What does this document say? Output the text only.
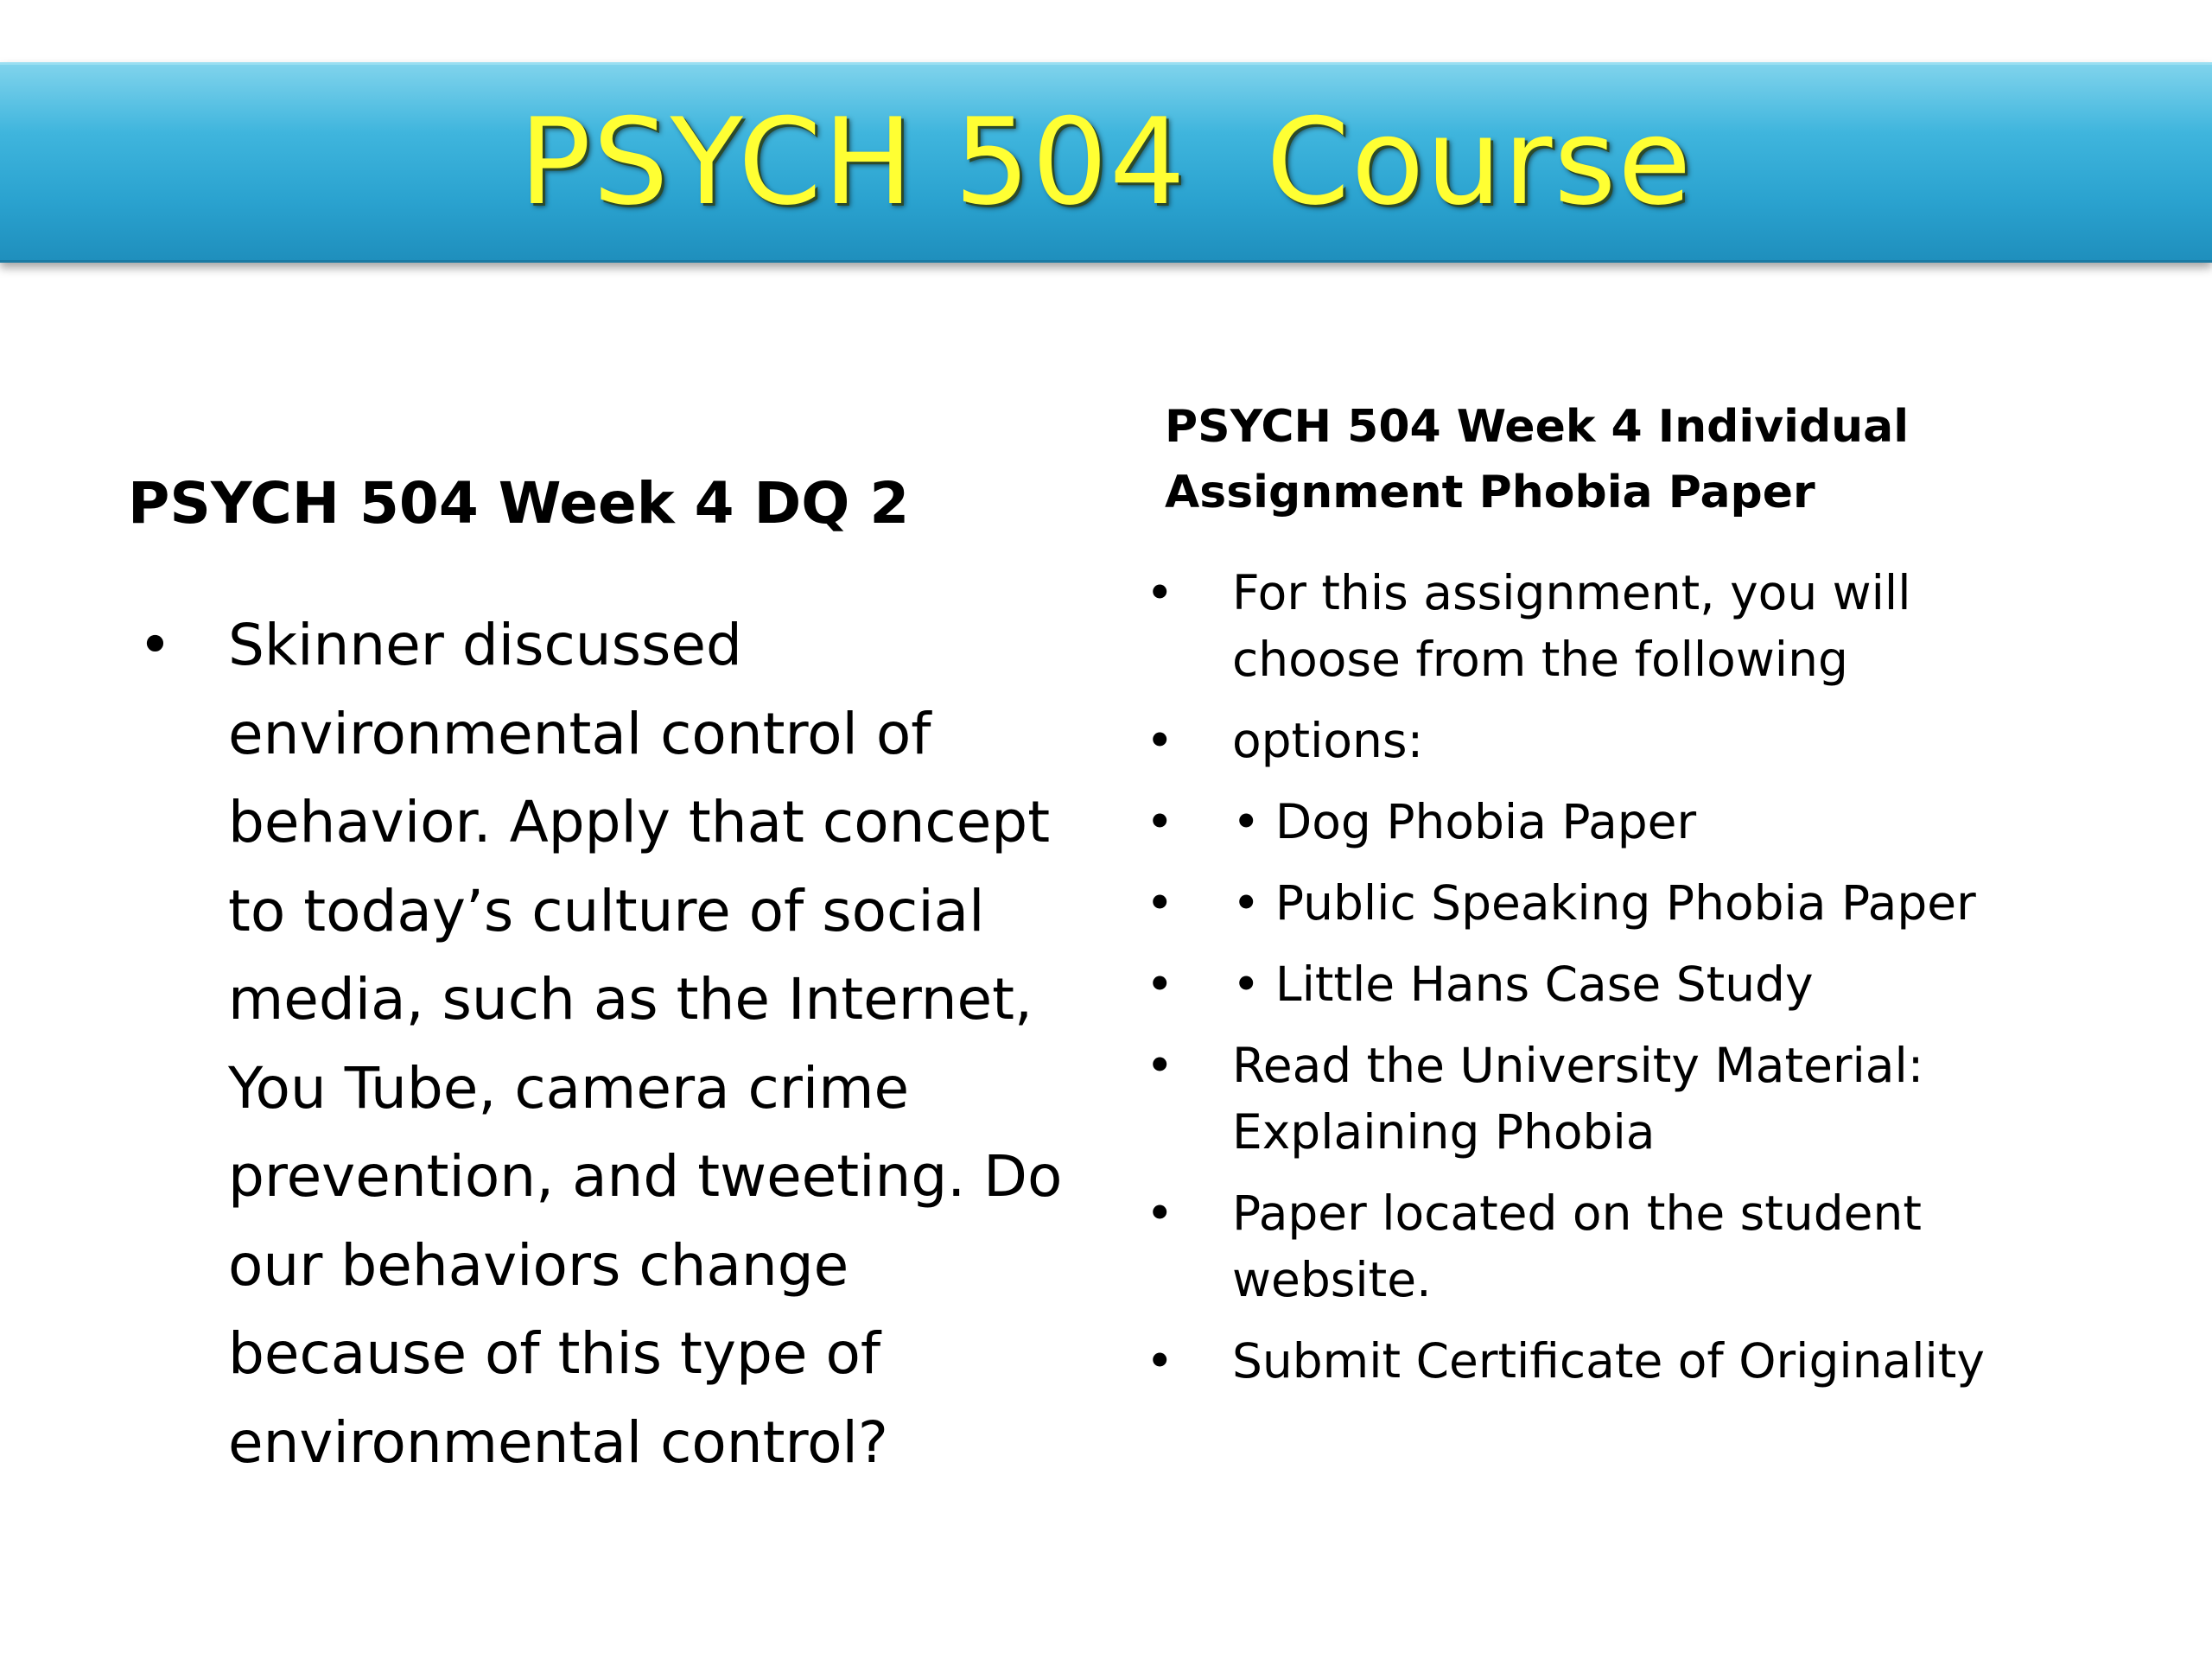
PSYCH 504  Course
PSYCH 504 Week 4 DQ 2
• Skinner discussed environmental control of behavior. Apply that concept to today’s culture of social media, such as the Internet, You Tube, camera crime prevention, and tweeting. Do our behaviors change because of this type of environmental control?
PSYCH 504 Week 4 Individual Assignment Phobia Paper
• For this assignment, you will
choose from the following
• options:
• • Dog Phobia Paper
• • Public Speaking Phobia Paper
• • Little Hans Case Study
• Read the University Material:
Explaining Phobia
• Paper located on the student
website.
• Submit Certificate of Originality
